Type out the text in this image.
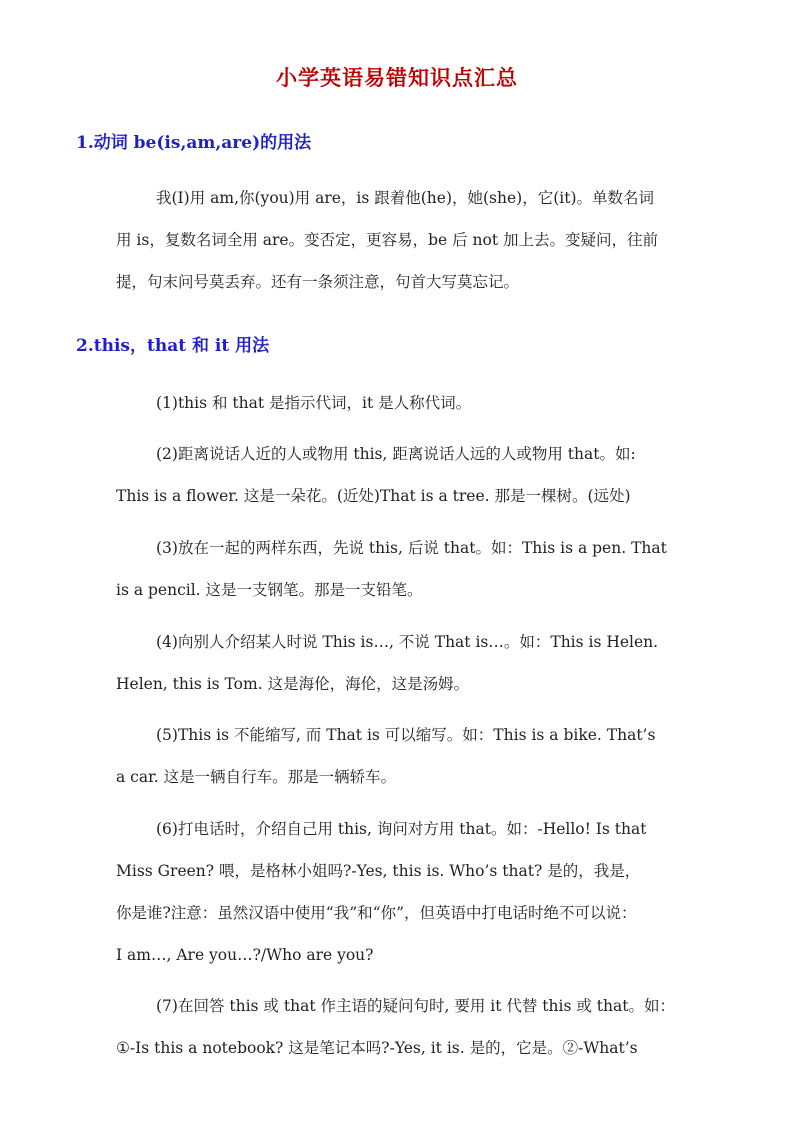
小学英语易错知识点汇总
1.动词 be(is,am,are)的用法
我(I)用 am,你(you)用 are，is 跟着他(he)，她(she)，它(it)。单数名词
用 is，复数名词全用 are。变否定，更容易，be 后 not 加上去。变疑问，往前
提，句末问号莫丢弃。还有一条须注意，句首大写莫忘记。
2.this，that 和 it 用法
(1)this 和 that 是指示代词，it 是人称代词。
(2)距离说话人近的人或物用 this, 距离说话人远的人或物用 that。如:
This is a flower. 这是一朵花。(近处)That is a tree. 那是一棵树。(远处)
(3)放在一起的两样东西，先说 this, 后说 that。如：This is a pen. That
is a pencil. 这是一支钢笔。那是一支铅笔。
(4)向别人介绍某人时说 This is…, 不说 That is…。如：This is Helen.
Helen, this is Tom. 这是海伦，海伦，这是汤姆。
(5)This is 不能缩写, 而 That is 可以缩写。如：This is a bike. That’s
a car. 这是一辆自行车。那是一辆轿车。
(6)打电话时，介绍自己用 this, 询问对方用 that。如：-Hello! Is that
Miss Green? 喂，是格林小姐吗?-Yes, this is. Who’s that? 是的，我是，
你是谁?注意：虽然汉语中使用“我”和“你”，但英语中打电话时绝不可以说：
I am…, Are you…?/Who are you?
(7)在回答 this 或 that 作主语的疑问句时, 要用 it 代替 this 或 that。如：
①-Is this a notebook? 这是笔记本吗?-Yes, it is. 是的，它是。②-What’s
